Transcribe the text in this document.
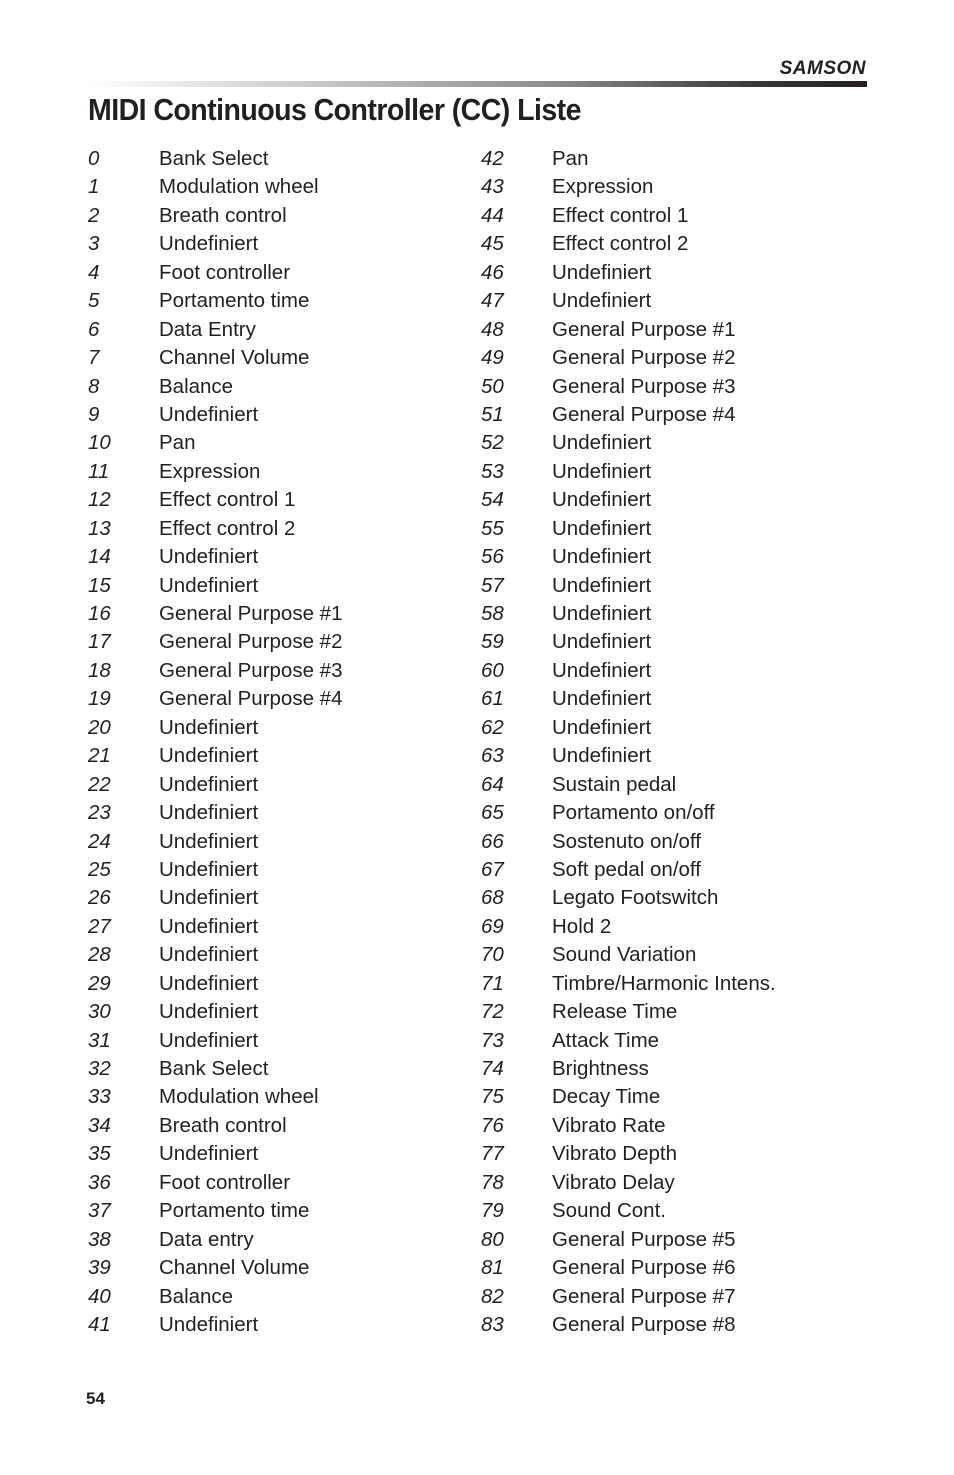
SAMSON
MIDI Continuous Controller (CC) Liste
0	Bank Select
1	Modulation wheel
2	Breath control
3	Undefiniert
4	Foot controller
5	Portamento time
6	Data Entry
7	Channel Volume
8	Balance
9	Undefiniert
10	Pan
11	Expression
12	Effect control 1
13	Effect control 2
14	Undefiniert
15	Undefiniert
16	General Purpose #1
17	General Purpose #2
18	General Purpose #3
19	General Purpose #4
20	Undefiniert
21	Undefiniert
22	Undefiniert
23	Undefiniert
24	Undefiniert
25	Undefiniert
26	Undefiniert
27	Undefiniert
28	Undefiniert
29	Undefiniert
30	Undefiniert
31	Undefiniert
32	Bank Select
33	Modulation wheel
34	Breath control
35	Undefiniert
36	Foot controller
37	Portamento time
38	Data entry
39	Channel Volume
40	Balance
41	Undefiniert
42	Pan
43	Expression
44	Effect control 1
45	Effect control 2
46	Undefiniert
47	Undefiniert
48	General Purpose #1
49	General Purpose #2
50	General Purpose #3
51	General Purpose #4
52	Undefiniert
53	Undefiniert
54	Undefiniert
55	Undefiniert
56	Undefiniert
57	Undefiniert
58	Undefiniert
59	Undefiniert
60	Undefiniert
61	Undefiniert
62	Undefiniert
63	Undefiniert
64	Sustain pedal
65	Portamento on/off
66	Sostenuto on/off
67	Soft pedal on/off
68	Legato Footswitch
69	Hold 2
70	Sound Variation
71	Timbre/Harmonic Intens.
72	Release Time
73	Attack Time
74	Brightness
75	Decay Time
76	Vibrato Rate
77	Vibrato Depth
78	Vibrato Delay
79	Sound Cont.
80	General Purpose #5
81	General Purpose #6
82	General Purpose #7
83	General Purpose #8
54
